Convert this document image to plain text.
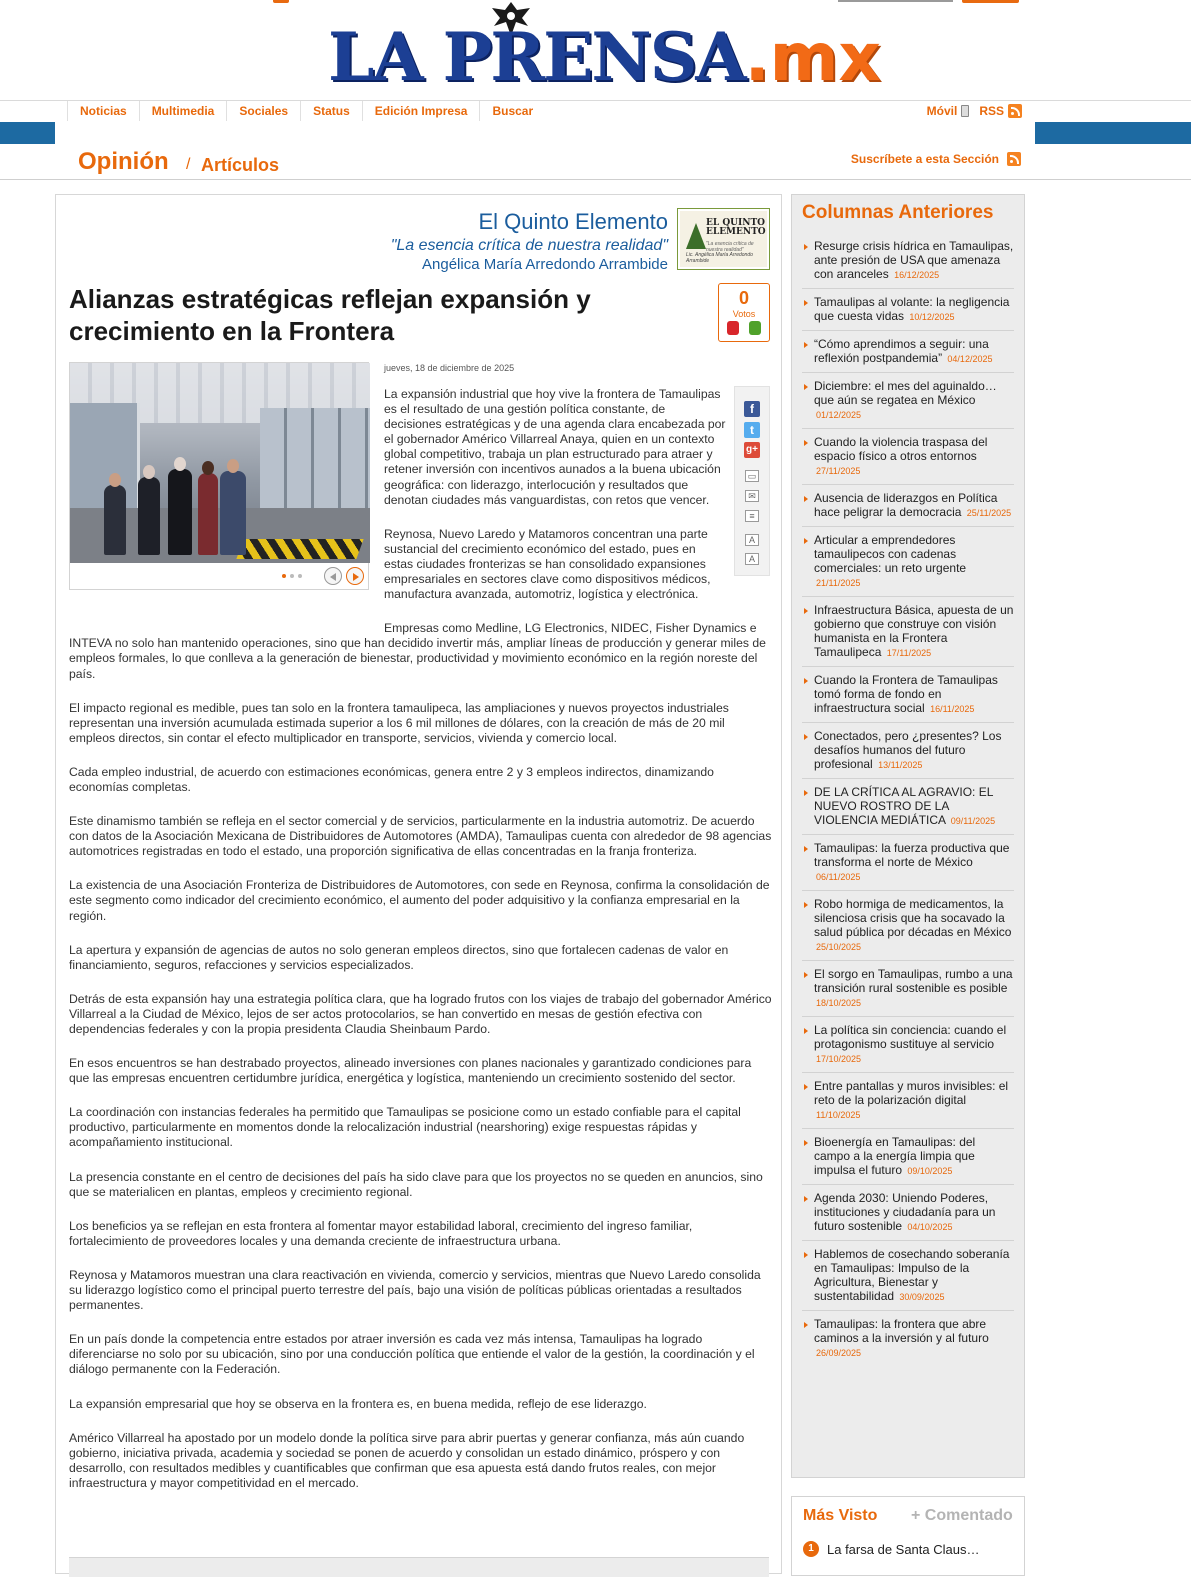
LA PRENSA.mx
Noticias	Multimedia	Sociales	Status	Edición Impresa	Buscar	Móvil RSS
Opinión / Artículos	Suscríbete a esta Sección
El Quinto Elemento
"La esencia crítica de nuestra realidad"
Angélica María Arredondo Arrambide
EL QUINTO
ELEMENTO
"La esencia crítica de nuestra realidad"
Lic. Angélica María Arredondo Arrambide
Alianzas estratégicas reflejan expansión y crecimiento en la Frontera
0
Votos
jueves, 18 de diciembre de 2025
f
t
g+
▭
✉
≡
A
A

La expansión industrial que hoy vive la frontera de Tamaulipas es el resultado de una gestión política constante, de decisiones estratégicas y de una agenda clara encabezada por el gobernador Américo Villarreal Anaya, quien en un contexto global competitivo, trabaja un plan estructurado para atraer y retener inversión con incentivos aunados a la buena ubicación geográfica: con liderazgo, interlocución y resultados que denotan ciudades más vanguardistas, con retos que vencer.

Reynosa, Nuevo Laredo y Matamoros concentran una parte sustancial del crecimiento económico del estado, pues en estas ciudades fronterizas se han consolidado expansiones empresariales en sectores clave como dispositivos médicos, manufactura avanzada, automotriz, logística y electrónica.

Empresas como Medline, LG Electronics, NIDEC, Fisher Dynamics e INTEVA no solo han mantenido operaciones, sino que han decidido invertir más, ampliar líneas de producción y generar miles de empleos formales, lo que conlleva a la generación de bienestar, productividad y movimiento económico en la región noreste del país.

El impacto regional es medible, pues tan solo en la frontera tamaulipeca, las ampliaciones y nuevos proyectos industriales representan una inversión acumulada estimada superior a los 6 mil millones de dólares, con la creación de más de 20 mil empleos directos, sin contar el efecto multiplicador en transporte, servicios, vivienda y comercio local.

Cada empleo industrial, de acuerdo con estimaciones económicas, genera entre 2 y 3 empleos indirectos, dinamizando economías completas.

Este dinamismo también se refleja en el sector comercial y de servicios, particularmente en la industria automotriz. De acuerdo con datos de la Asociación Mexicana de Distribuidores de Automotores (AMDA), Tamaulipas cuenta con alrededor de 98 agencias automotrices registradas en todo el estado, una proporción significativa de ellas concentradas en la franja fronteriza.

La existencia de una Asociación Fronteriza de Distribuidores de Automotores, con sede en Reynosa, confirma la consolidación de este segmento como indicador del crecimiento económico, el aumento del poder adquisitivo y la confianza empresarial en la región.

La apertura y expansión de agencias de autos no solo generan empleos directos, sino que fortalecen cadenas de valor en financiamiento, seguros, refacciones y servicios especializados.

Detrás de esta expansión hay una estrategia política clara, que ha logrado frutos con los viajes de trabajo del gobernador Américo Villarreal a la Ciudad de México, lejos de ser actos protocolarios, se han convertido en mesas de gestión efectiva con dependencias federales y con la propia presidenta Claudia Sheinbaum Pardo.

En esos encuentros se han destrabado proyectos, alineado inversiones con planes nacionales y garantizado condiciones para que las empresas encuentren certidumbre jurídica, energética y logística, manteniendo un crecimiento sostenido del sector.

La coordinación con instancias federales ha permitido que Tamaulipas se posicione como un estado confiable para el capital productivo, particularmente en momentos donde la relocalización industrial (nearshoring) exige respuestas rápidas y acompañamiento institucional.

La presencia constante en el centro de decisiones del país ha sido clave para que los proyectos no se queden en anuncios, sino que se materialicen en plantas, empleos y crecimiento regional.

Los beneficios ya se reflejan en esta frontera al fomentar mayor estabilidad laboral, crecimiento del ingreso familiar, fortalecimiento de proveedores locales y una demanda creciente de infraestructura urbana.

Reynosa y Matamoros muestran una clara reactivación en vivienda, comercio y servicios, mientras que Nuevo Laredo consolida su liderazgo logístico como el principal puerto terrestre del país, bajo una visión de políticas públicas orientadas a resultados permanentes.

En un país donde la competencia entre estados por atraer inversión es cada vez más intensa, Tamaulipas ha logrado diferenciarse no solo por su ubicación, sino por una conducción política que entiende el valor de la gestión, la coordinación y el diálogo permanente con la Federación.

La expansión empresarial que hoy se observa en la frontera es, en buena medida, reflejo de ese liderazgo.

Américo Villarreal ha apostado por un modelo donde la política sirve para abrir puertas y generar confianza, más aún cuando gobierno, iniciativa privada, academia y sociedad se ponen de acuerdo y consolidan un estado dinámico, próspero y con desarrollo, con resultados medibles y cuantificables que confirman que esa apuesta está dando frutos reales, con mejor infraestructura y mayor competitividad en el mercado.

Columnas Anteriores
Resurge crisis hídrica en Tamaulipas, ante presión de USA que amenaza con aranceles 16/12/2025
Tamaulipas al volante: la negligencia que cuesta vidas 10/12/2025
“Cómo aprendimos a seguir: una reflexión postpandemia” 04/12/2025
Diciembre: el mes del aguinaldo… que aún se regatea en México 01/12/2025
Cuando la violencia traspasa del espacio físico a otros entornos 27/11/2025
Ausencia de liderazgos en Política hace peligrar la democracia 25/11/2025
Articular a emprendedores tamaulipecos con cadenas comerciales: un reto urgente 21/11/2025
Infraestructura Básica, apuesta de un gobierno que construye con visión humanista en la Frontera Tamaulipeca 17/11/2025
Cuando la Frontera de Tamaulipas tomó forma de fondo en infraestructura social 16/11/2025
Conectados, pero ¿presentes? Los desafíos humanos del futuro profesional 13/11/2025
DE LA CRÍTICA AL AGRAVIO: EL NUEVO ROSTRO DE LA VIOLENCIA MEDIÁTICA 09/11/2025
Tamaulipas: la fuerza productiva que transforma el norte de México 06/11/2025
Robo hormiga de medicamentos, la silenciosa crisis que ha socavado la salud pública por décadas en México 25/10/2025
El sorgo en Tamaulipas, rumbo a una transición rural sostenible es posible 18/10/2025
La política sin conciencia: cuando el protagonismo sustituye al servicio 17/10/2025
Entre pantallas y muros invisibles: el reto de la polarización digital 11/10/2025
Bioenergía en Tamaulipas: del campo a la energía limpia que impulsa el futuro 09/10/2025
Agenda 2030: Uniendo Poderes, instituciones y ciudadanía para un futuro sostenible 04/10/2025
Hablemos de cosechando soberanía en Tamaulipas: Impulso de la Agricultura, Bienestar y sustentabilidad 30/09/2025
Tamaulipas: la frontera que abre caminos a la inversión y al futuro 26/09/2025
Más Visto + Comentado
1	La farsa de Santa Claus…
